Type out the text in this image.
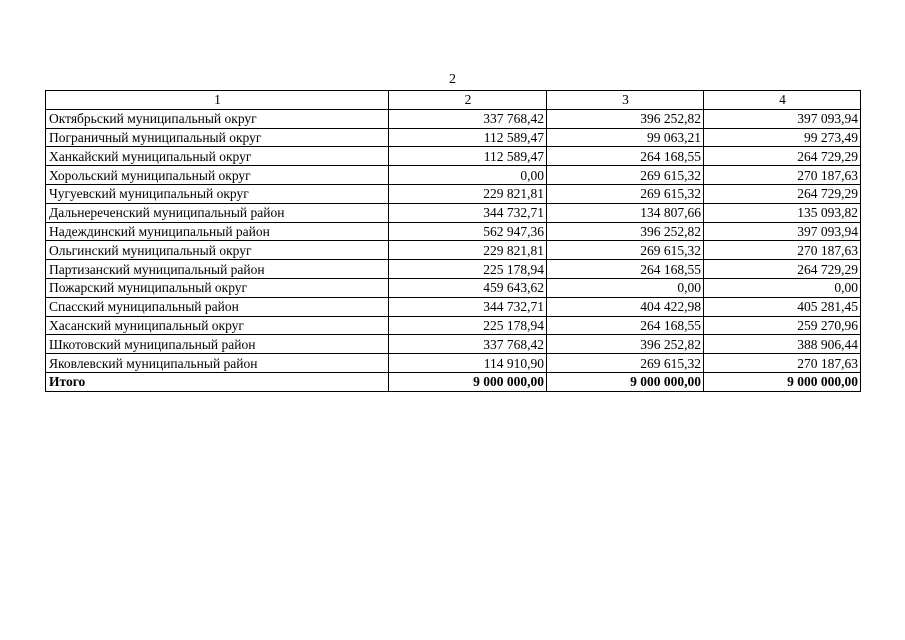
2
1	2	3	4
Октябрьский муниципальный округ	337 768,42	396 252,82	397 093,94
Пограничный муниципальный округ	112 589,47	99 063,21	99 273,49
Ханкайский муниципальный округ	112 589,47	264 168,55	264 729,29
Хорольский муниципальный округ	0,00	269 615,32	270 187,63
Чугуевский муниципальный округ	229 821,81	269 615,32	264 729,29
Дальнереченский муниципальный район	344 732,71	134 807,66	135 093,82
Надеждинский муниципальный район	562 947,36	396 252,82	397 093,94
Ольгинский муниципальный округ	229 821,81	269 615,32	270 187,63
Партизанский муниципальный район	225 178,94	264 168,55	264 729,29
Пожарский муниципальный округ	459 643,62	0,00	0,00
Спасский муниципальный район	344 732,71	404 422,98	405 281,45
Хасанский муниципальный округ	225 178,94	264 168,55	259 270,96
Шкотовский муниципальный район	337 768,42	396 252,82	388 906,44
Яковлевский муниципальный район	114 910,90	269 615,32	270 187,63
Итого	9 000 000,00	9 000 000,00	9 000 000,00
